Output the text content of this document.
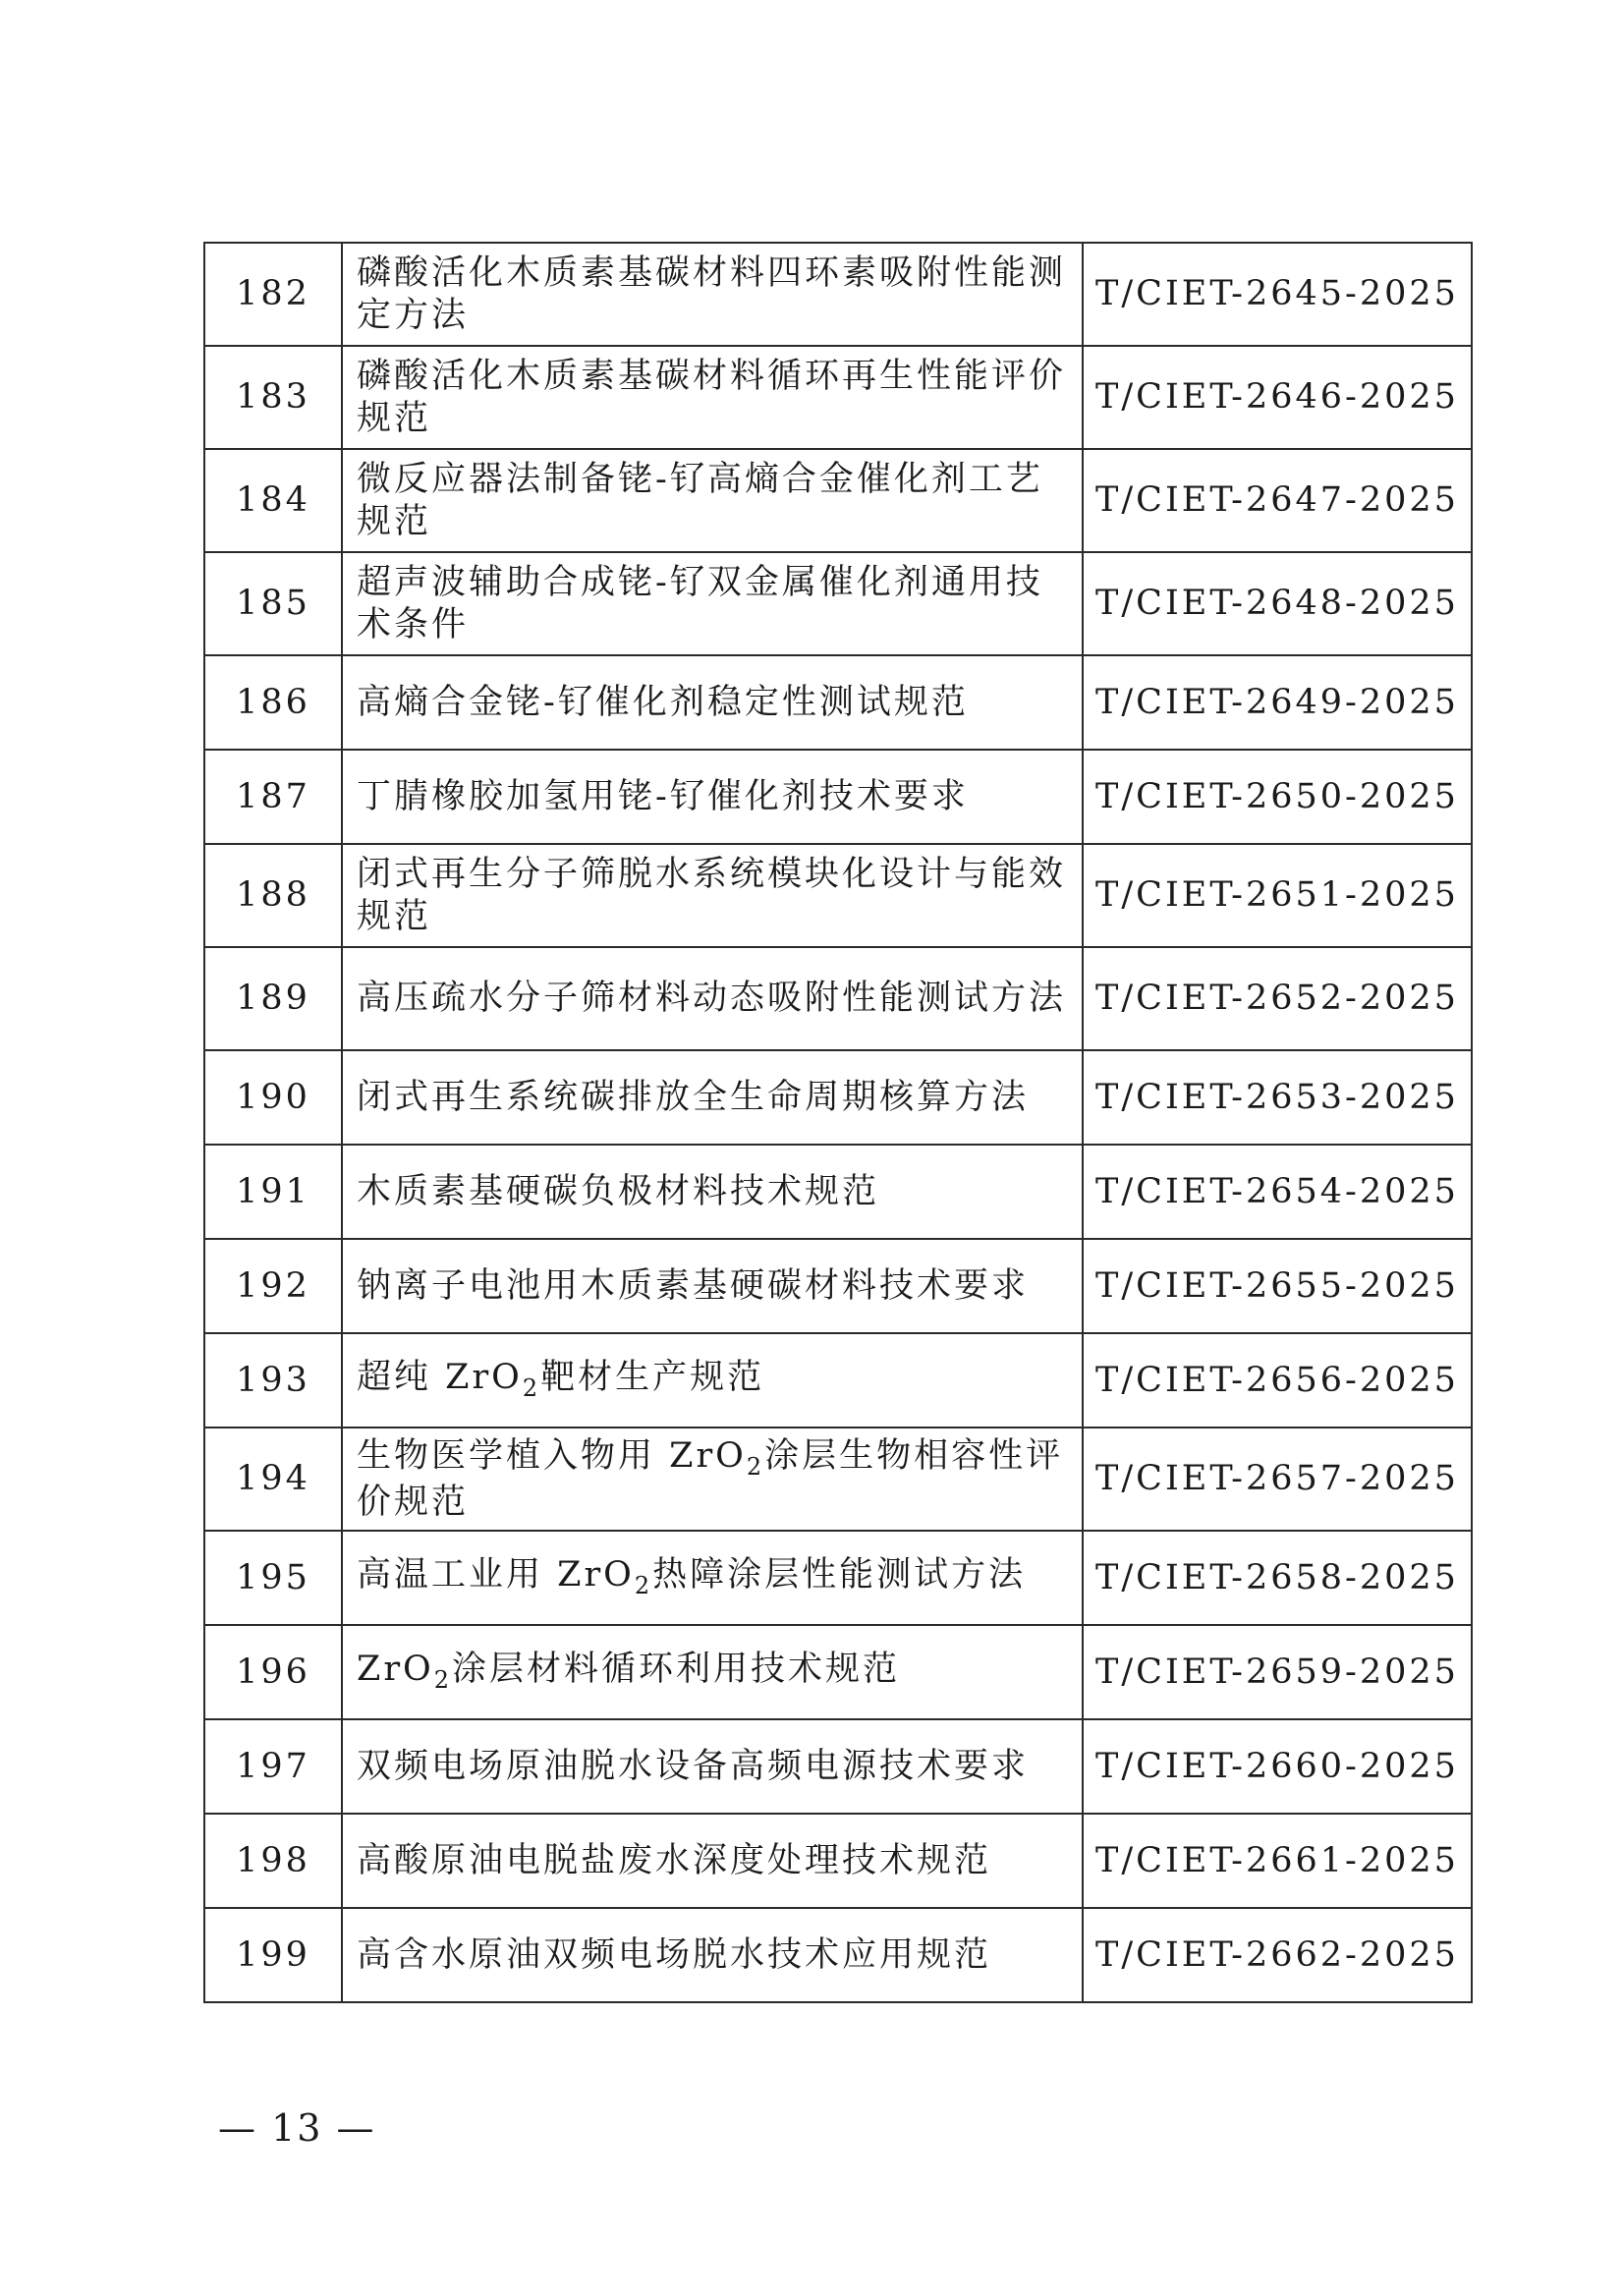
182	磷酸活化木质素基碳材料四环素吸附性能测定方法	T/CIET-2645-2025
183	磷酸活化木质素基碳材料循环再生性能评价规范	T/CIET-2646-2025
184	微反应器法制备铑-钌高熵合金催化剂工艺规范	T/CIET-2647-2025
185	超声波辅助合成铑-钌双金属催化剂通用技术条件	T/CIET-2648-2025
186	高熵合金铑-钌催化剂稳定性测试规范	T/CIET-2649-2025
187	丁腈橡胶加氢用铑-钌催化剂技术要求	T/CIET-2650-2025
188	闭式再生分子筛脱水系统模块化设计与能效规范	T/CIET-2651-2025
189	高压疏水分子筛材料动态吸附性能测试方法	T/CIET-2652-2025
190	闭式再生系统碳排放全生命周期核算方法	T/CIET-2653-2025
191	木质素基硬碳负极材料技术规范	T/CIET-2654-2025
192	钠离子电池用木质素基硬碳材料技术要求	T/CIET-2655-2025
193	超纯 ZrO$_2$靶材生产规范	T/CIET-2656-2025
194	生物医学植入物用 ZrO$_2$涂层生物相容性评价规范	T/CIET-2657-2025
195	高温工业用 ZrO$_2$热障涂层性能测试方法	T/CIET-2658-2025
196	ZrO$_2$涂层材料循环利用技术规范	T/CIET-2659-2025
197	双频电场原油脱水设备高频电源技术要求	T/CIET-2660-2025
198	高酸原油电脱盐废水深度处理技术规范	T/CIET-2661-2025
199	高含水原油双频电场脱水技术应用规范	T/CIET-2662-2025
— 13 —
